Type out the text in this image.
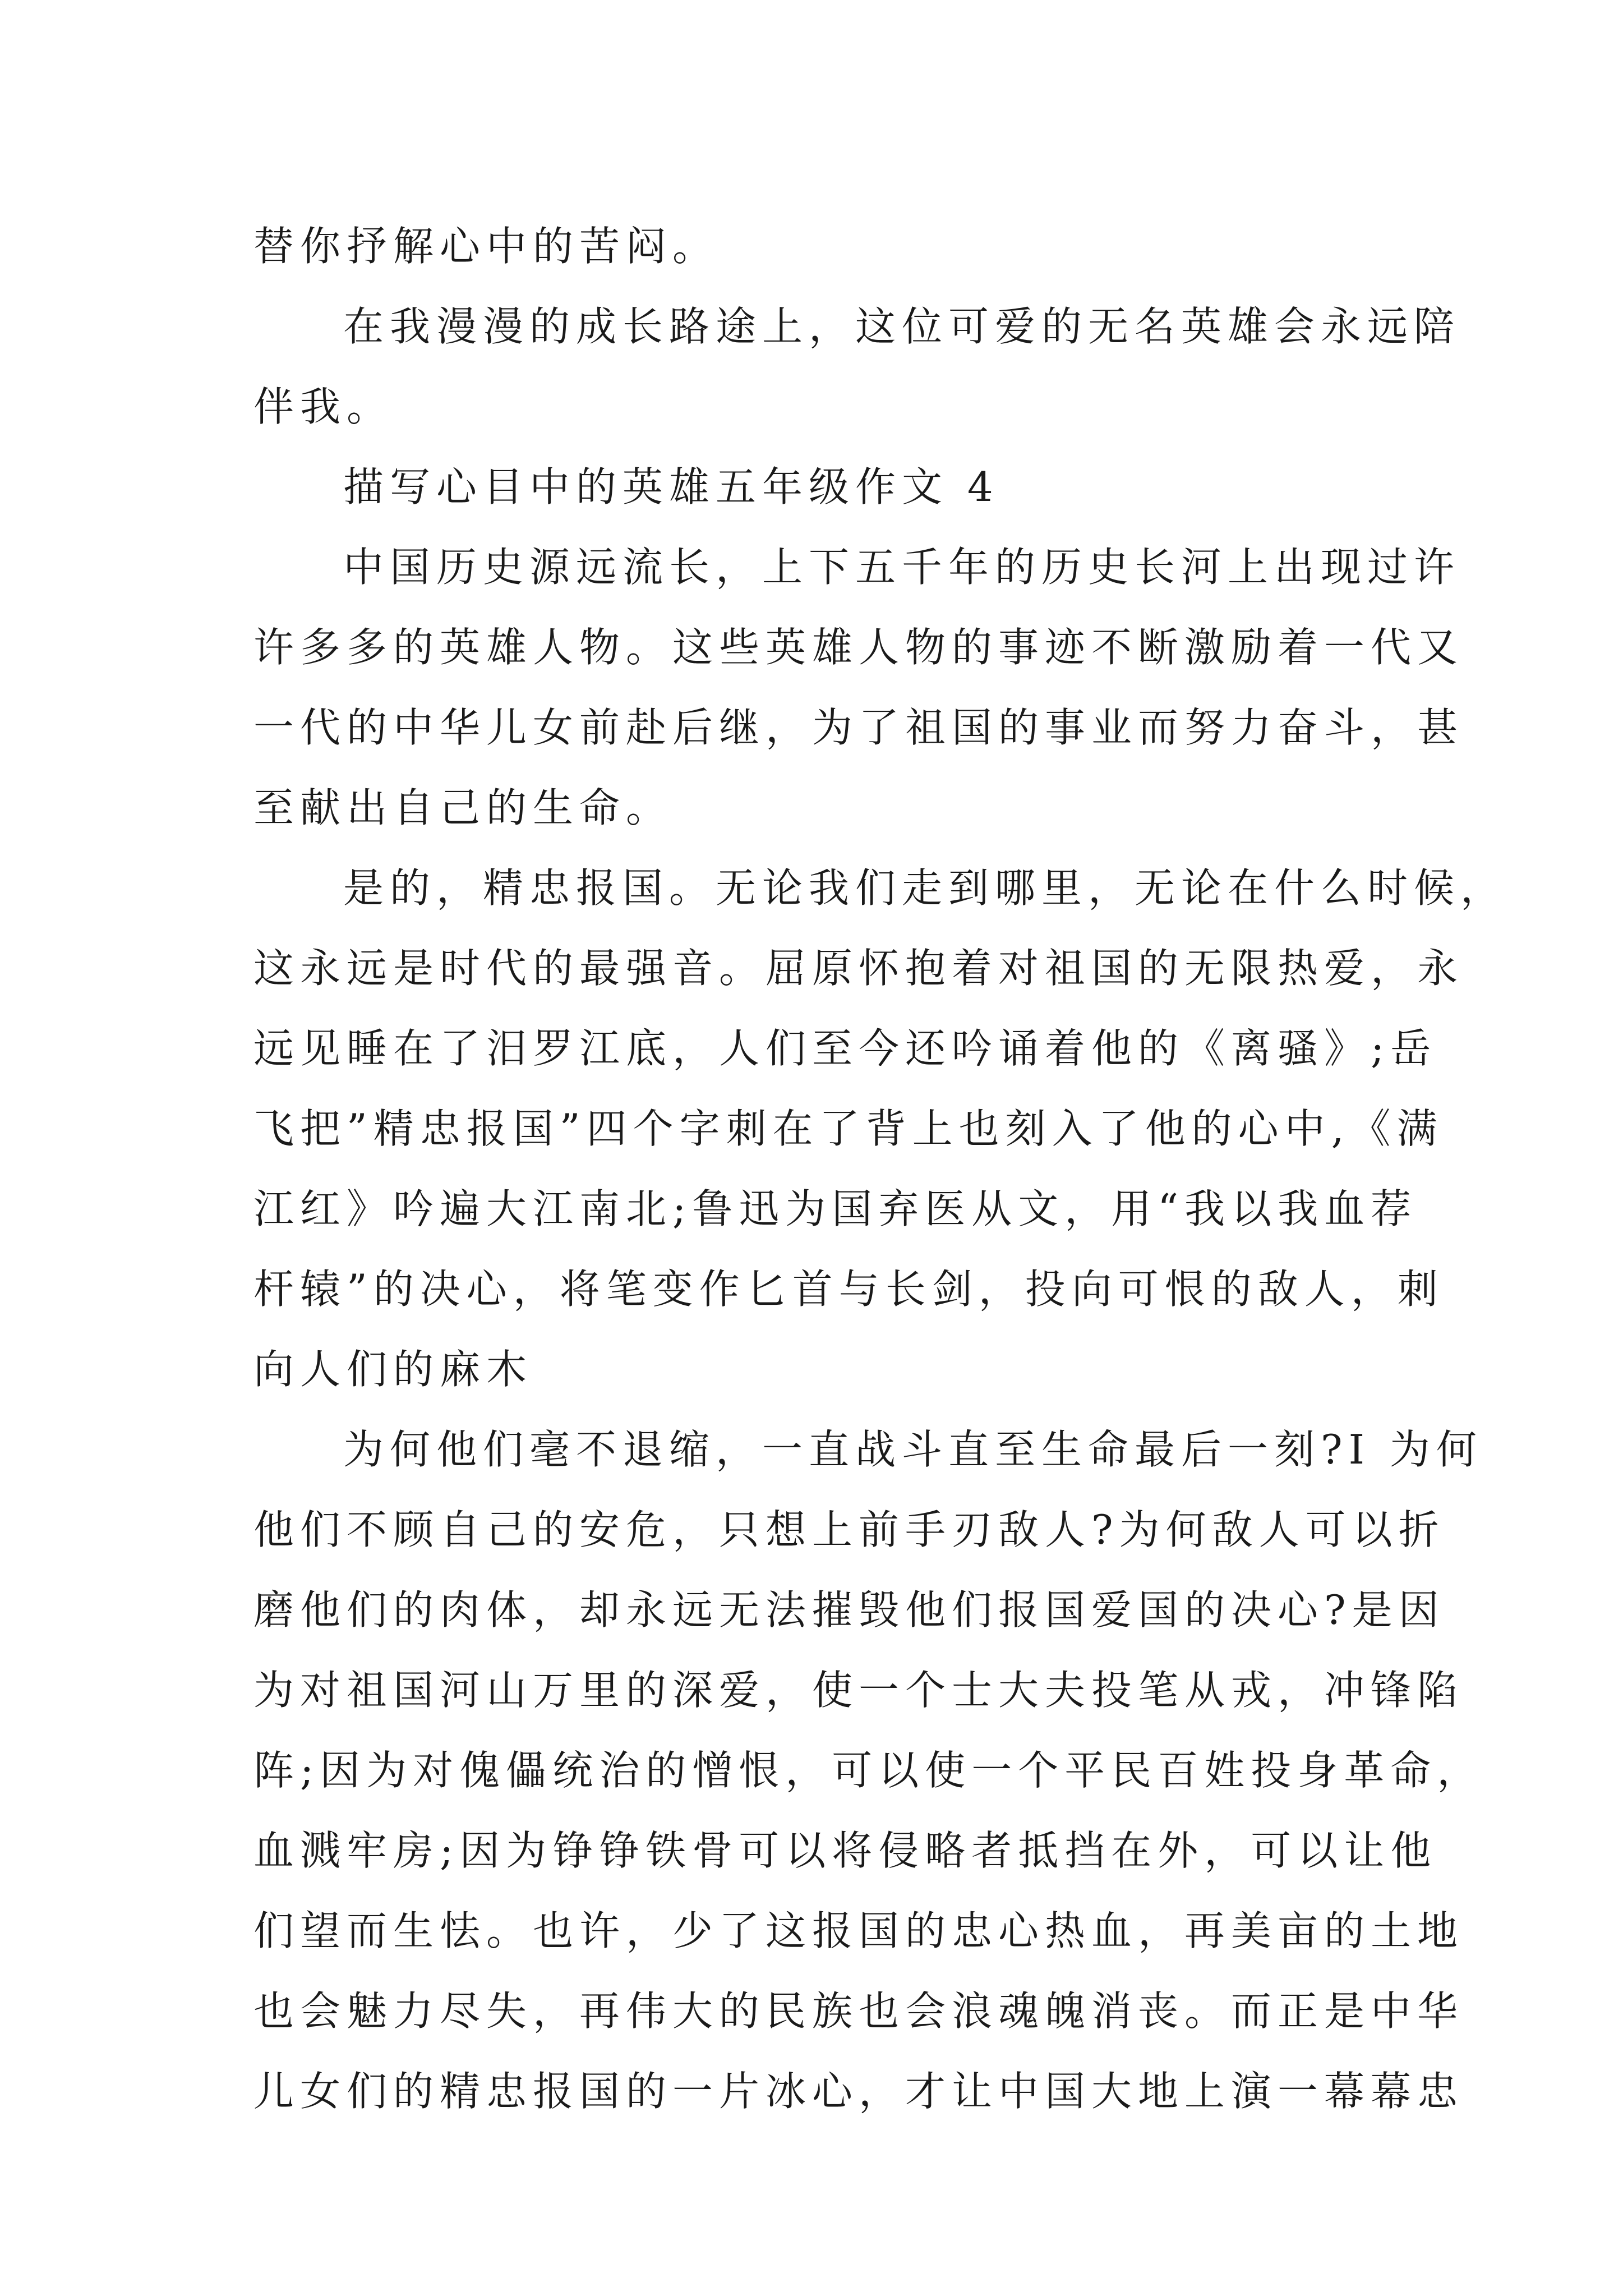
替你抒解心中的苦闷。
在我漫漫的成长路途上，这位可爱的无名英雄会永远陪
伴我。
描写心目中的英雄五年级作文 4
中国历史源远流长，上下五千年的历史长河上出现过许
许多多的英雄人物。这些英雄人物的事迹不断激励着一代又
一代的中华儿女前赴后继，为了祖国的事业而努力奋斗，甚
至献出自己的生命。
是的，精忠报国。无论我们走到哪里，无论在什么时候，
这永远是时代的最强音。屈原怀抱着对祖国的无限热爱，永
远见睡在了汨罗江底，人们至今还吟诵着他的《离骚》;岳
飞把”精忠报国”四个字刺在了背上也刻入了他的心中,《满
江红》吟遍大江南北;鲁迅为国弃医从文，用“我以我血荐
杆辕”的决心，将笔变作匕首与长剑，投向可恨的敌人，刺
向人们的麻木
为何他们毫不退缩，一直战斗直至生命最后一刻?I 为何
他们不顾自己的安危，只想上前手刃敌人?为何敌人可以折
磨他们的肉体，却永远无法摧毁他们报国爱国的决心?是因
为对祖国河山万里的深爱，使一个士大夫投笔从戎，冲锋陷
阵;因为对傀儡统治的憎恨，可以使一个平民百姓投身革命，
血溅牢房;因为铮铮铁骨可以将侵略者抵挡在外，可以让他
们望而生怯。也许，少了这报国的忠心热血，再美亩的土地
也会魅力尽失，再伟大的民族也会浪魂魄消丧。而正是中华
儿女们的精忠报国的一片冰心，才让中国大地上演一幕幕忠
